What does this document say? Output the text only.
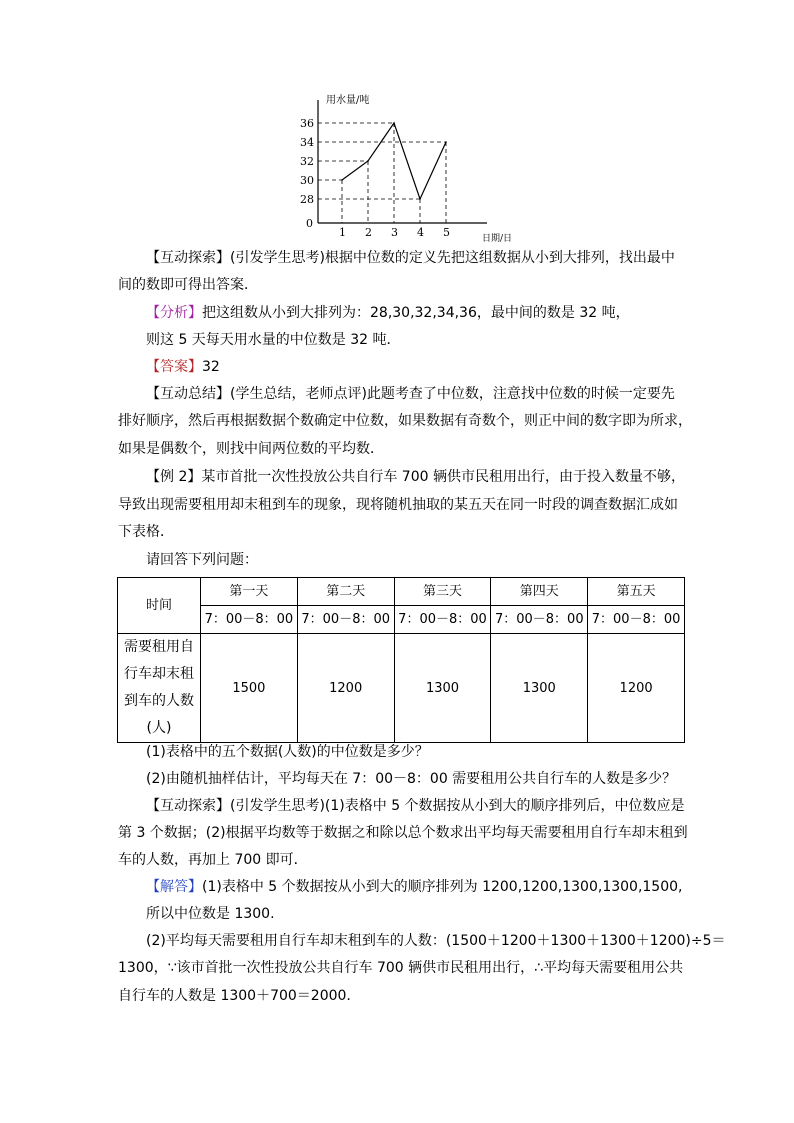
用水量/吨
日期/日
0
28
30
32
34
36
1 2 3 4 5
【互动探索】(引发学生思考)根据中位数的定义先把这组数据从小到大排列，找出最中
间的数即可得出答案．
【分析】把这组数从小到大排列为：28,30,32,34,36，最中间的数是 32 吨，
则这 5 天每天用水量的中位数是 32 吨．
【答案】32
【互动总结】(学生总结，老师点评)此题考查了中位数，注意找中位数的时候一定要先
排好顺序，然后再根据数据个数确定中位数，如果数据有奇数个，则正中间的数字即为所求，
如果是偶数个，则找中间两位数的平均数．
【例 2】某市首批一次性投放公共自行车 700 辆供市民租用出行，由于投入数量不够，
导致出现需要租用却末租到车的现象，现将随机抽取的某五天在同一时段的调查数据汇成如
下表格．
请回答下列问题：
时间	第一天	第二天	第三天	第四天	第五天
	7：00－8：00	7：00－8：00	7：00－8：00	7：00－8：00	7：00－8：00

需要租用自
行车却末租
到车的人数
(人)	1500	1200	1300	1300	1200
(1)表格中的五个数据(人数)的中位数是多少？
(2)由随机抽样估计，平均每天在 7：00－8：00 需要租用公共自行车的人数是多少？
【互动探索】(引发学生思考)(1)表格中 5 个数据按从小到大的顺序排列后，中位数应是
第 3 个数据；(2)根据平均数等于数据之和除以总个数求出平均每天需要租用自行车却末租到
车的人数，再加上 700 即可．
【解答】(1)表格中 5 个数据按从小到大的顺序排列为 1200,1200,1300,1300,1500,
所以中位数是 1300.
(2)平均每天需要租用自行车却末租到车的人数：(1500＋1200＋1300＋1300＋1200)÷5＝
1300，∵该市首批一次性投放公共自行车 700 辆供市民租用出行，∴平均每天需要租用公共
自行车的人数是 1300＋700＝2000.
